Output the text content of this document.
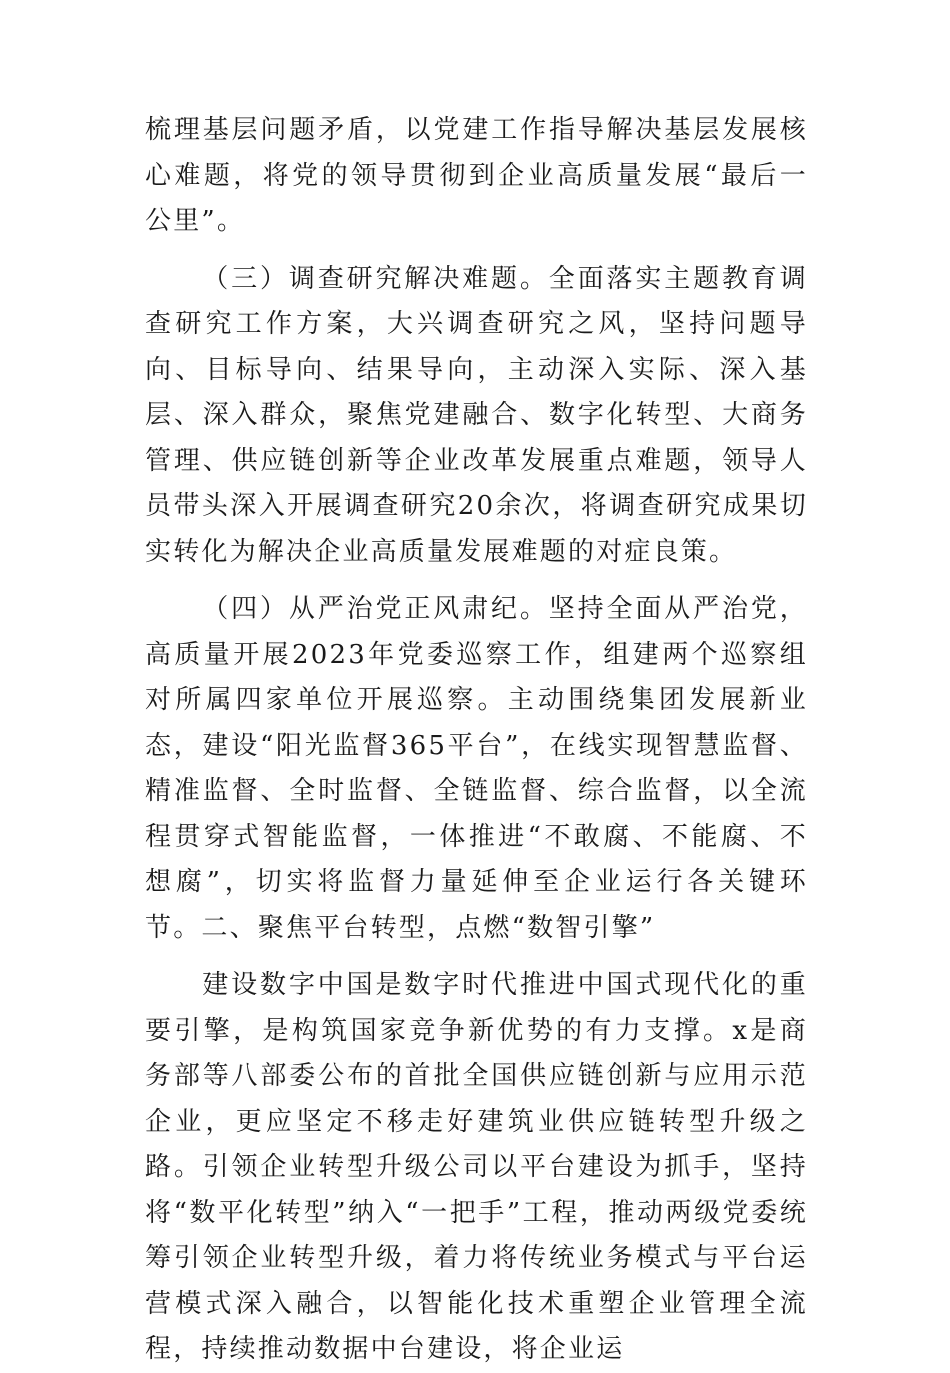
梳理基层问题矛盾，以党建工作指导解决基层发展核心难题，将党的领导贯彻到企业高质量发展“最后一公里”。

（三）调查研究解决难题。全面落实主题教育调查研究工作方案，大兴调查研究之风，坚持问题导向、目标导向、结果导向，主动深入实际、深入基层、深入群众，聚焦党建融合、数字化转型、大商务管理、供应链创新等企业改革发展重点难题，领导人员带头深入开展调查研究20余次，将调查研究成果切实转化为解决企业高质量发展难题的对症良策。

（四）从严治党正风肃纪。坚持全面从严治党，高质量开展2023年党委巡察工作，组建两个巡察组对所属四家单位开展巡察。主动围绕集团发展新业态，建设“阳光监督365平台”，在线实现智慧监督、精准监督、全时监督、全链监督、综合监督，以全流程贯穿式智能监督，一体推进“不敢腐、不能腐、不想腐”，切实将监督力量延伸至企业运行各关键环节。二、聚焦平台转型，点燃“数智引擎”

建设数字中国是数字时代推进中国式现代化的重要引擎，是构筑国家竞争新优势的有力支撑。x是商务部等八部委公布的首批全国供应链创新与应用示范企业，更应坚定不移走好建筑业供应链转型升级之路。引领企业转型升级公司以平台建设为抓手，坚持将“数平化转型”纳入“一把手”工程，推动两级党委统筹引领企业转型升级，着力将传统业务模式与平台运营模式深入融合，以智能化技术重塑企业管理全流程，持续推动数据中台建设，将企业运
